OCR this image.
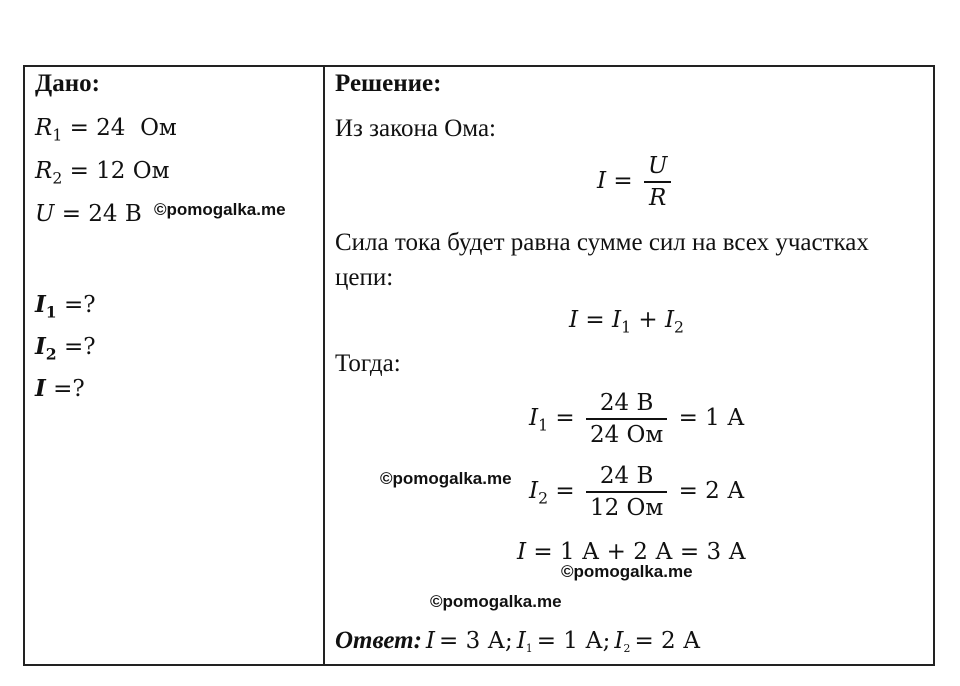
Дано:
$R_1 = 24$  Ом
$R_2 = 12$ Ом
U = 24 В
$I_1$ =?
$I_2$ =?
I =?
Решение:
Из закона Ома:
$I = \frac{U}{R}$
Сила тока будет равна сумме сил на всех участках
цепи:
$I = I_1 + I_2$
Тогда:
$I_1 = \frac{24 В}{24 Ом} = 1$ А
$I_2 = \frac{24 В}{12 Ом} = 2$ А
I = 1 А + 2 А = 3 А
Ответ: I = 3 А; $I_1 = 1$ А; $I_2 = 2$ А
©pomogalka.me
©pomogalka.me
©pomogalka.me
©pomogalka.me
